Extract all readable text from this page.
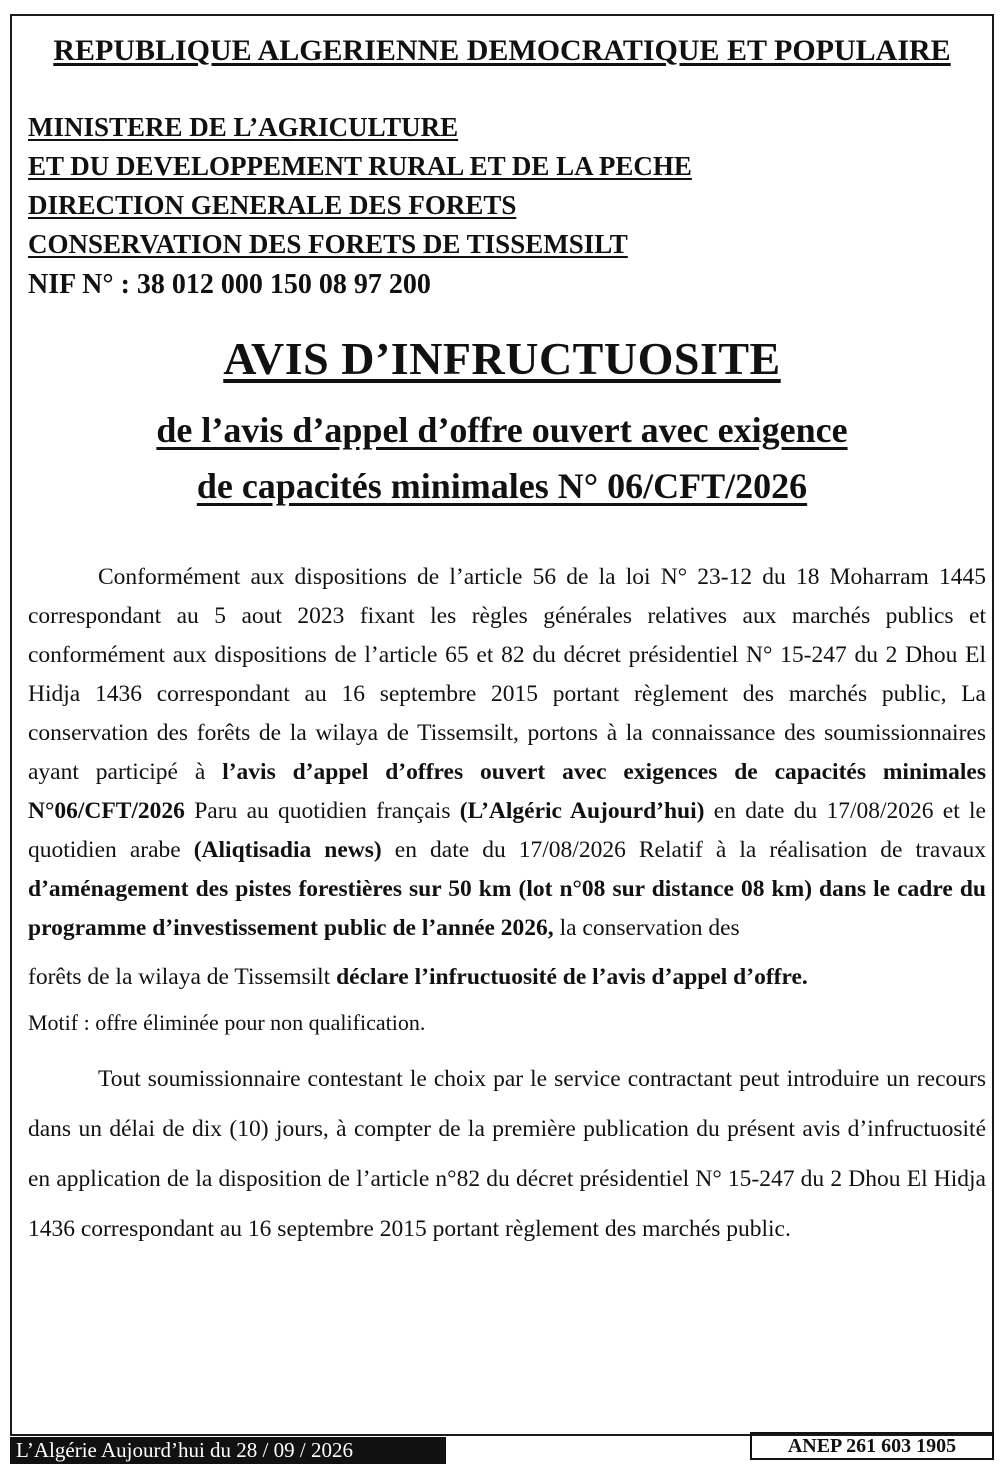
REPUBLIQUE ALGERIENNE DEMOCRATIQUE ET POPULAIRE
MINISTERE DE L’AGRICULTURE
ET DU DEVELOPPEMENT RURAL ET DE LA PECHE
DIRECTION GENERALE DES FORETS
CONSERVATION DES FORETS DE TISSEMSILT
NIF N° : 38 012 000 150 08 97 200
AVIS D’INFRUCTUOSITE
de l’avis d’appel d’offre ouvert avec exigence
de capacités minimales N° 06/CFT/2026

Conformément aux dispositions de l’article 56 de la loi N° 23-12 du 18 Moharram 1445 correspondant au 5 aout 2023 fixant les règles générales relatives aux marchés publics et conformément aux dispositions de l’article 65 et 82 du décret présidentiel N° 15-247 du 2 Dhou El Hidja 1436 correspondant au 16 septembre 2015 portant règlement des marchés public, La conservation des forêts de la wilaya de Tissemsilt, portons à la connaissance des soumissionnaires ayant participé à l’avis d’appel d’offres ouvert avec exigences de capacités minimales N°06/CFT/2026 Paru au quotidien français (L’Algéric Aujourd’hui) en date du 17/08/2026 et le quotidien arabe (Aliqtisadia news) en date du 17/08/2026 Relatif à la réalisation de travaux d’aménagement des pistes forestières sur 50 km (lot n°08 sur distance 08 km) dans le cadre du programme d’investissement public de l’année 2026, la conservation des

forêts de la wilaya de Tissemsilt déclare l’infructuosité de l’avis d’appel d’offre.

Motif : offre éliminée pour non qualification.

Tout soumissionnaire contestant le choix par le service contractant peut introduire un recours dans un délai de dix (10) jours, à compter de la première publication du présent avis d’infructuosité en application de la disposition de l’article n°82 du décret présidentiel N° 15-247 du 2 Dhou El Hidja 1436 correspondant au 16 septembre 2015 portant règlement des marchés public.

L’Algérie Aujourd’hui du 28 / 09 / 2026	ANEP 261 603 1905
